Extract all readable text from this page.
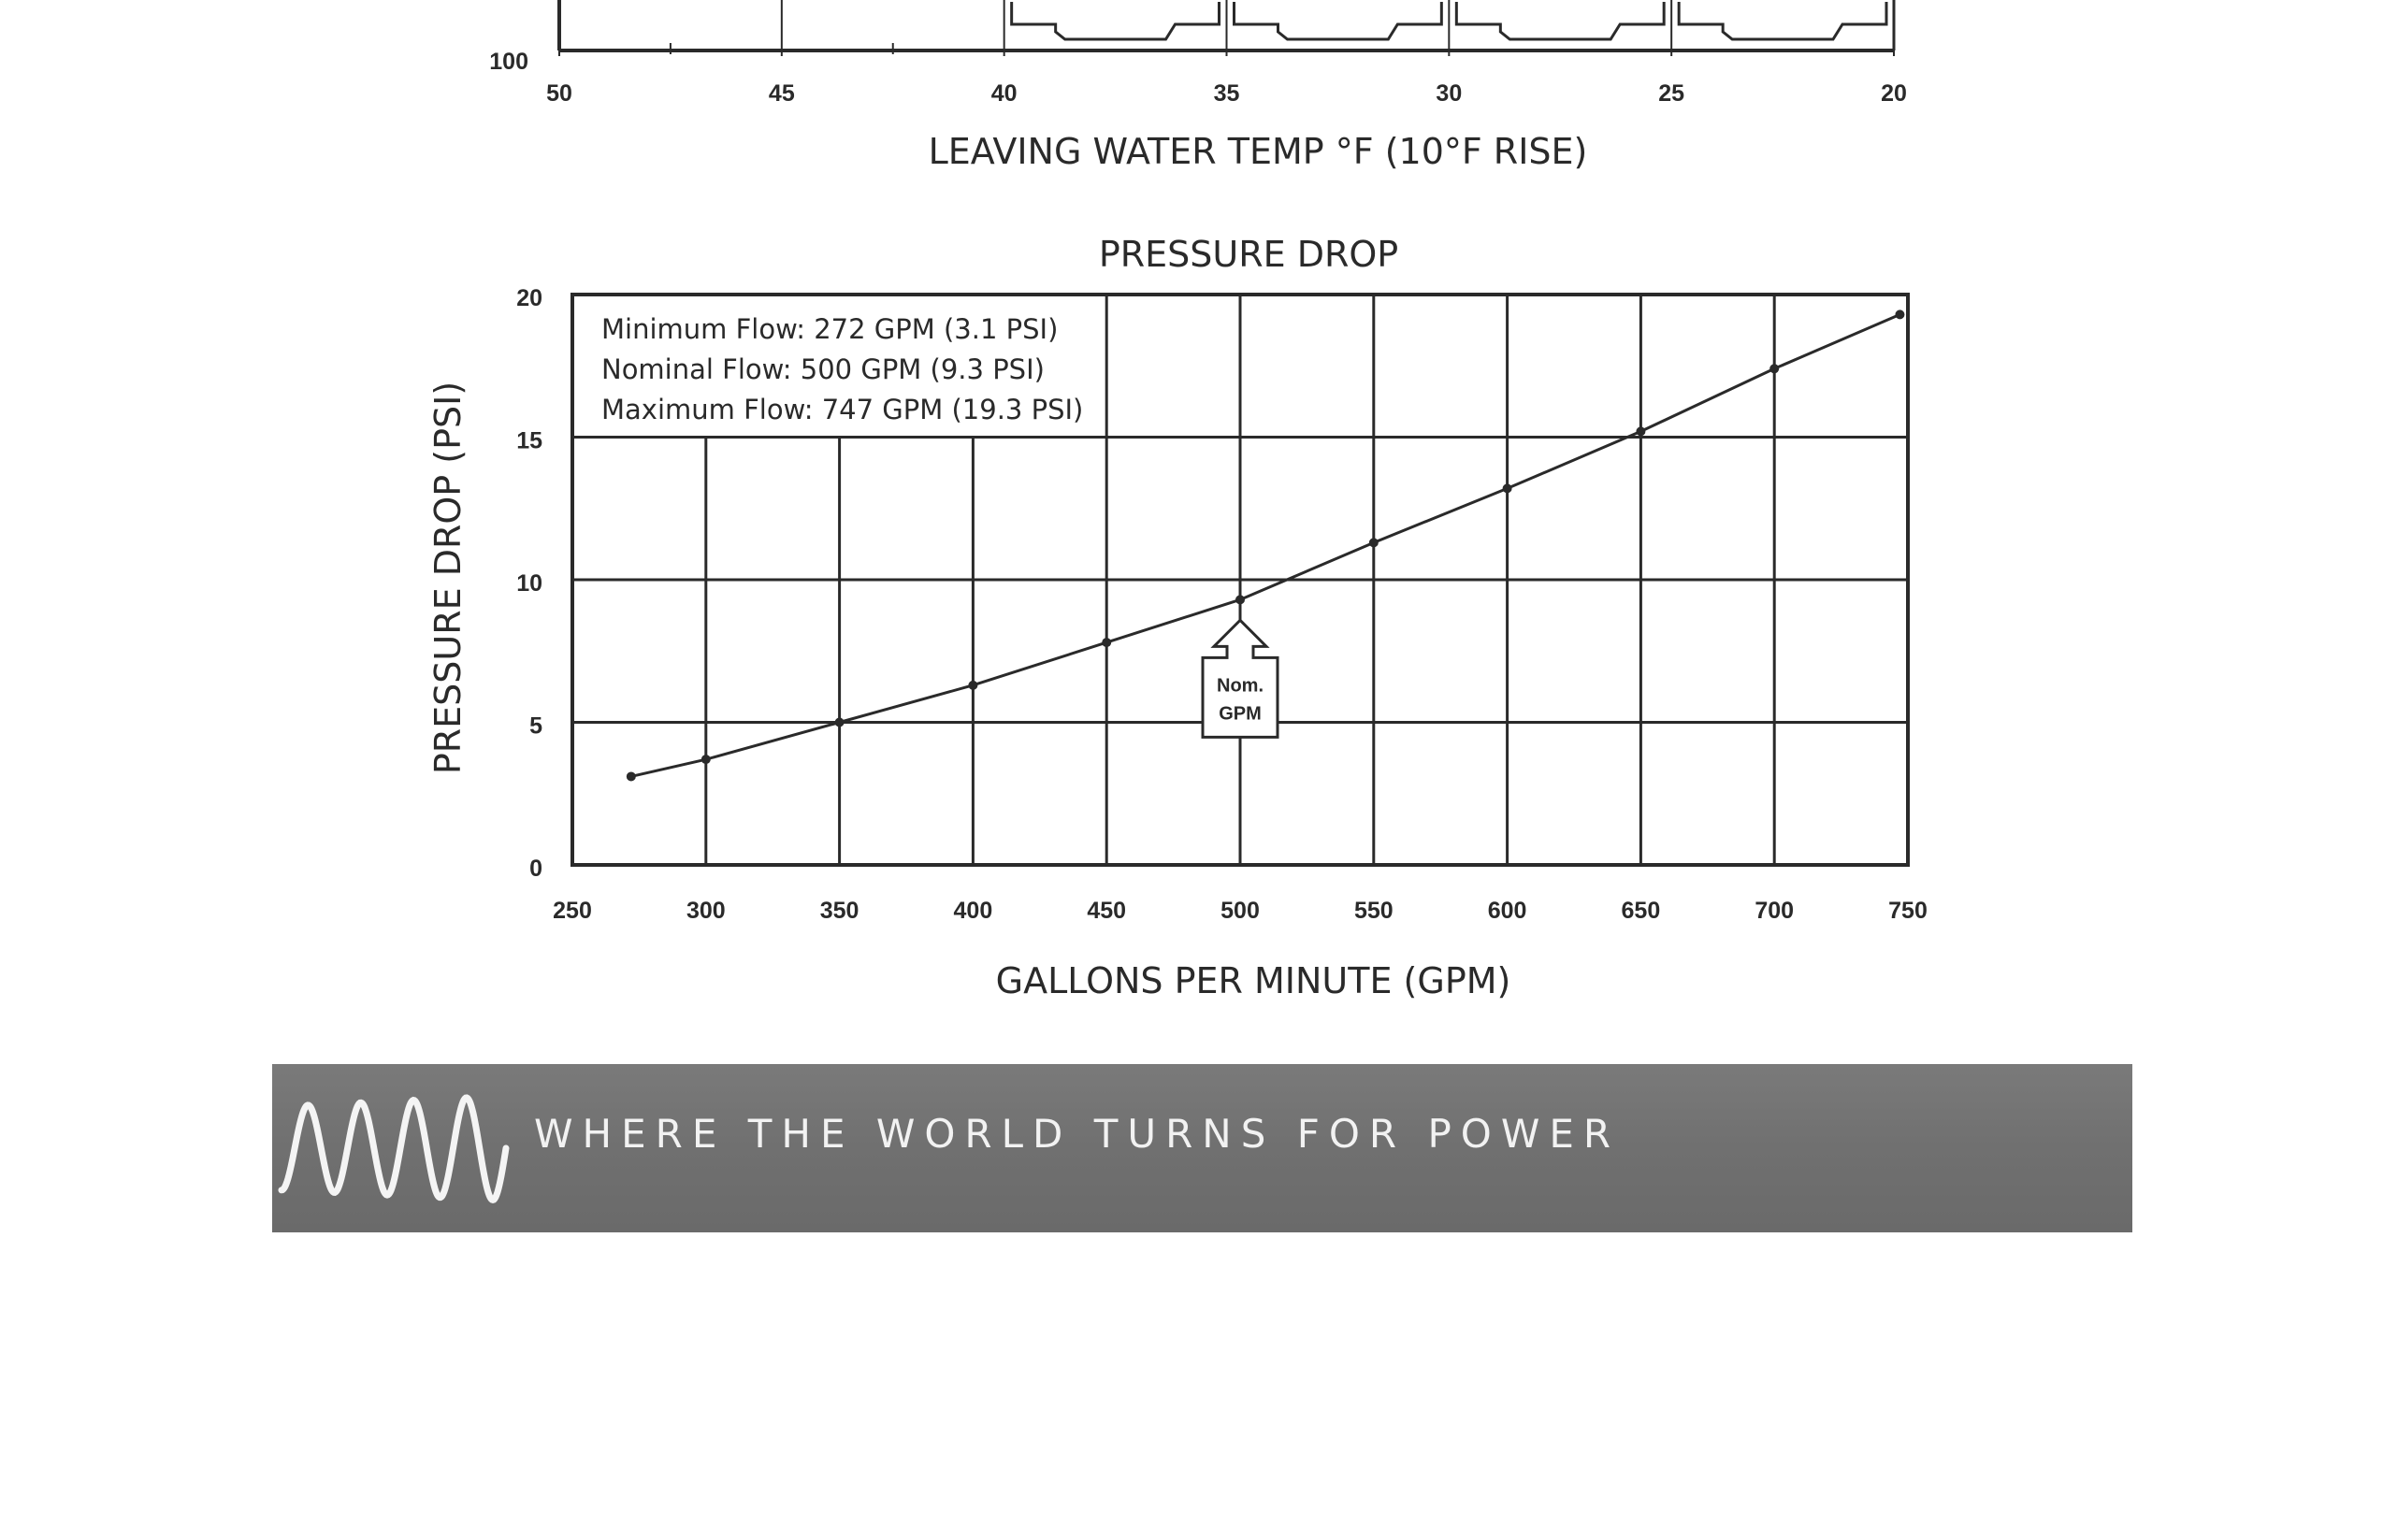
50	45	40	35	30	25	20
100
LEAVING WATER TEMP °F (10°F RISE)
PRESSURE DROP
250	300	350	400	450	500	550	600	650	700	750
0
5
10
15
20
PRESSURE DROP (PSI)
GALLONS PER MINUTE (GPM)
Minimum Flow: 272 GPM (3.1 PSI)
Nominal Flow: 500 GPM (9.3 PSI)
Maximum Flow: 747 GPM (19.3 PSI)
Nom.
GPM
WHERE THE WORLD TURNS FOR POWER
